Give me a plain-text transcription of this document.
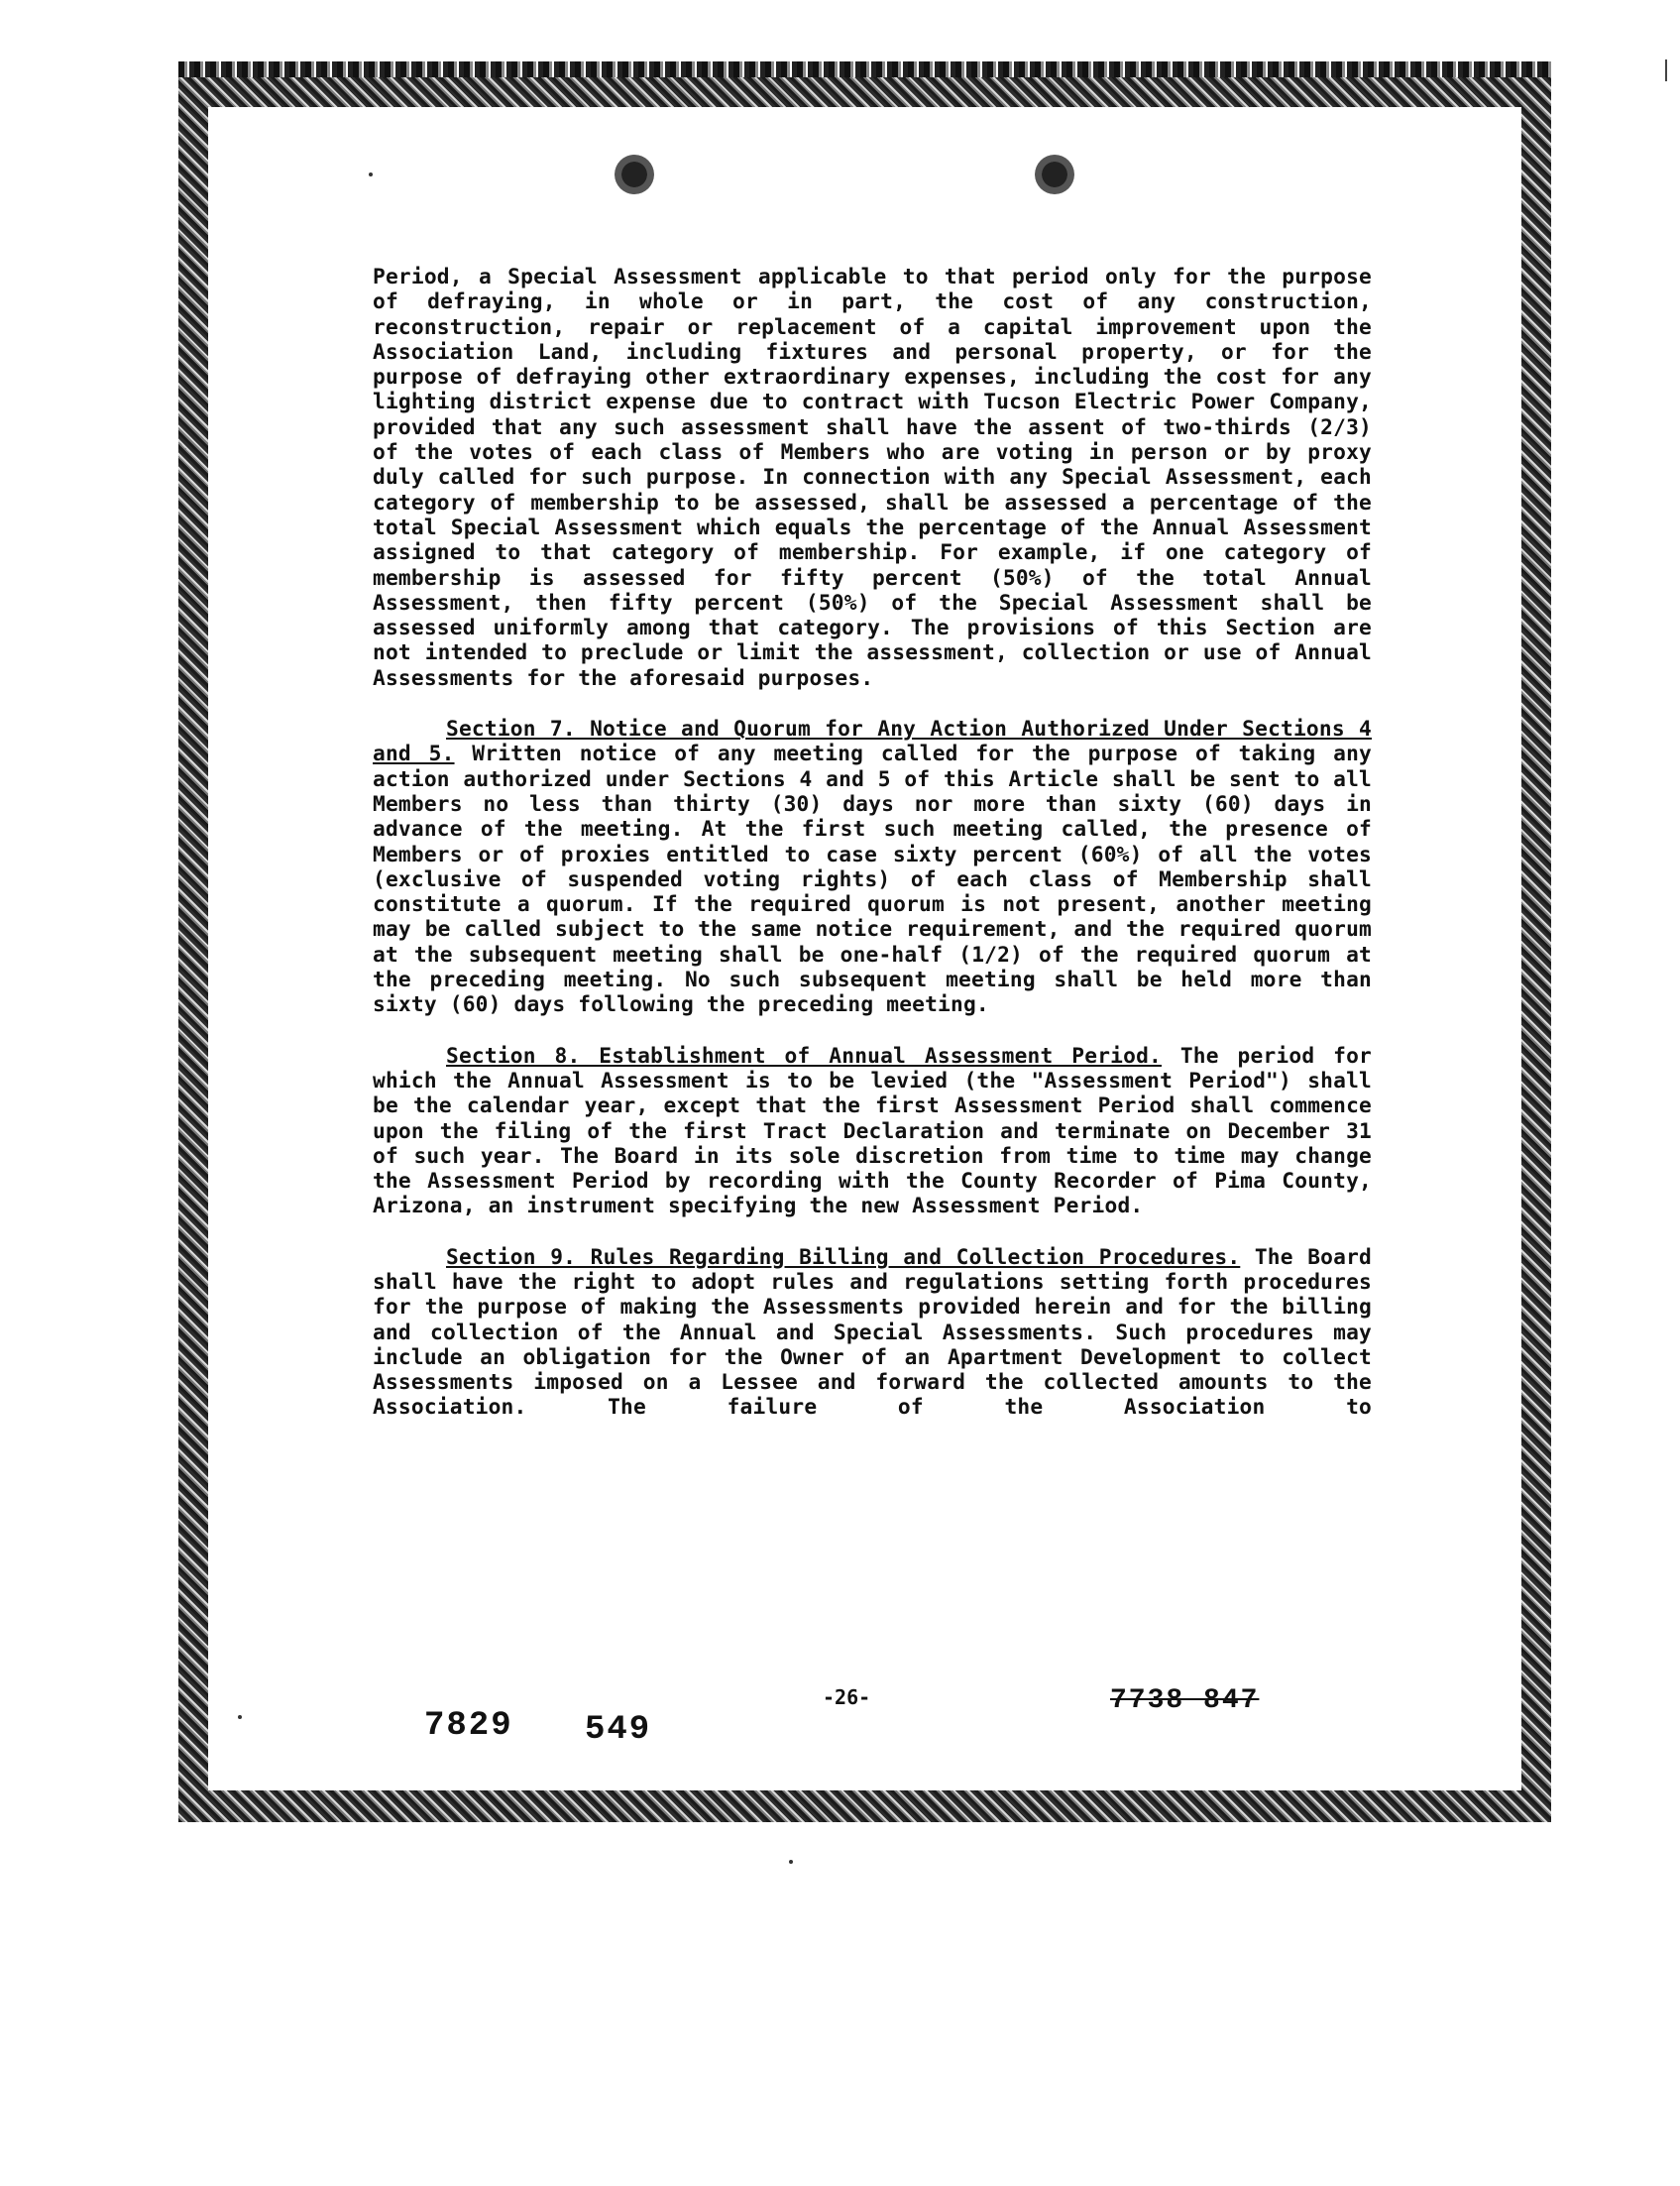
Period, a Special Assessment applicable to that period only for the purpose of defraying, in whole or in part, the cost of any construction, reconstruction, repair or replacement of a capital improvement upon the Association Land, including fixtures and personal property, or for the purpose of defraying other extraordinary expenses, including the cost for any lighting district expense due to contract with Tucson Electric Power Company, provided that any such assessment shall have the assent of two-thirds (2/3) of the votes of each class of Members who are voting in person or by proxy duly called for such purpose. In connection with any Special Assessment, each category of membership to be assessed, shall be assessed a percentage of the total Special Assessment which equals the percentage of the Annual Assessment assigned to that category of membership. For example, if one category of membership is assessed for fifty percent (50%) of the total Annual Assessment, then fifty percent (50%) of the Special Assessment shall be assessed uniformly among that category. The provisions of this Section are not intended to preclude or limit the assessment, collection or use of Annual Assessments for the aforesaid purposes.

Section 7. Notice and Quorum for Any Action Authorized Under Sections 4 and 5. Written notice of any meeting called for the purpose of taking any action authorized under Sections 4 and 5 of this Article shall be sent to all Members no less than thirty (30) days nor more than sixty (60) days in advance of the meeting. At the first such meeting called, the presence of Members or of proxies entitled to case sixty percent (60%) of all the votes (exclusive of suspended voting rights) of each class of Membership shall constitute a quorum. If the required quorum is not present, another meeting may be called subject to the same notice requirement, and the required quorum at the subsequent meeting shall be one-half (1/2) of the required quorum at the preceding meeting. No such subsequent meeting shall be held more than sixty (60) days following the preceding meeting.

Section 8. Establishment of Annual Assessment Period. The period for which the Annual Assessment is to be levied (the "Assessment Period") shall be the calendar year, except that the first Assessment Period shall commence upon the filing of the first Tract Declaration and terminate on December 31 of such year. The Board in its sole discretion from time to time may change the Assessment Period by recording with the County Recorder of Pima County, Arizona, an instrument specifying the new Assessment Period.

Section 9. Rules Regarding Billing and Collection Procedures. The Board shall have the right to adopt rules and regulations setting forth procedures for the purpose of making the Assessments provided herein and for the billing and collection of the Annual and Special Assessments. Such procedures may include an obligation for the Owner of an Apartment Development to collect Assessments imposed on a Lessee and forward the collected amounts to the Association. The failure of the Association to

-26-
7829 549
7738 847
